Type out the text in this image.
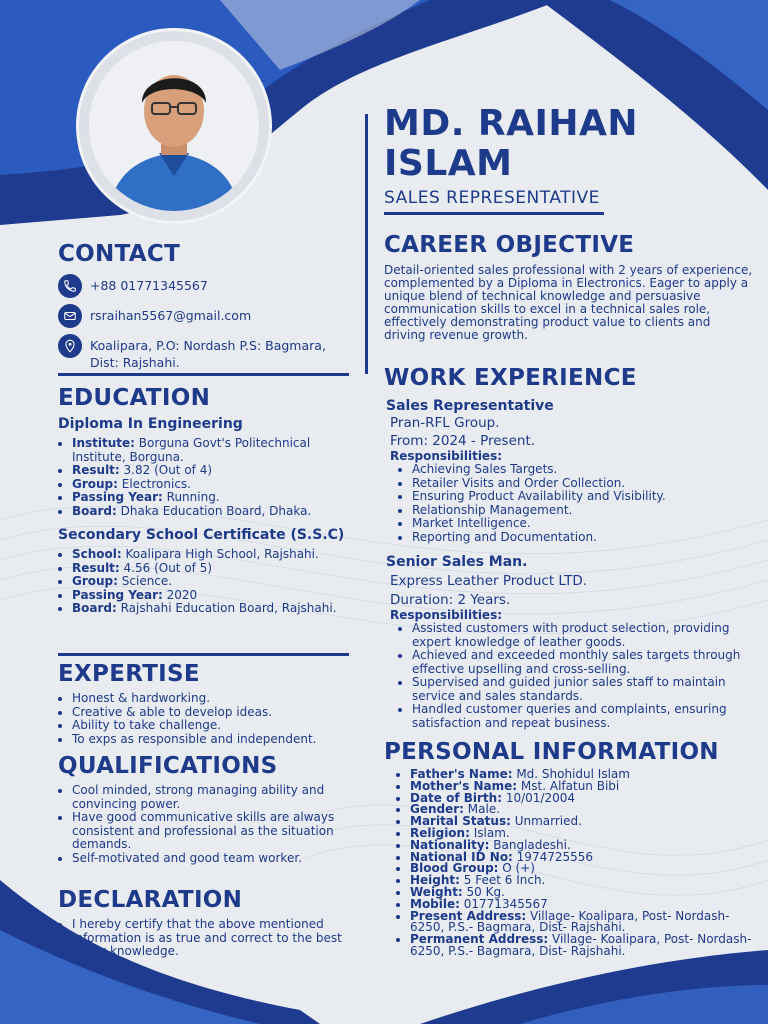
MD. RAIHAN
ISLAM
SALES REPRESENTATIVE
CONTACT
+88 01771345567
rsraihan5567@gmail.com
Koalipara, P.O: Nordash P.S: Bagmara, Dist: Rajshahi.
EDUCATION
Diploma In Engineering
• Institute: Borguna Govt's Politechnical Institute, Borguna.
• Result: 3.82 (Out of 4)
• Group: Electronics.
• Passing Year: Running.
• Board: Dhaka Education Board, Dhaka.
Secondary School Certificate (S.S.C)
• School: Koalipara High School, Rajshahi.
• Result: 4.56 (Out of 5)
• Group: Science.
• Passing Year: 2020
• Board: Rajshahi Education Board, Rajshahi.
EXPERTISE
• Honest & hardworking.
• Creative & able to develop ideas.
• Ability to take challenge.
• To exps as responsible and independent.
QUALIFICATIONS
• Cool minded, strong managing ability and convincing power.
• Have good communicative skills are always consistent and professional as the situation demands.
• Self-motivated and good team worker.
DECLARATION
• I hereby certify that the above mentioned information is as true and correct to the best of my knowledge.
CAREER OBJECTIVE

Detail-oriented sales professional with 2 years of experience, complemented by a Diploma in Electronics. Eager to apply a unique blend of technical knowledge and persuasive communication skills to excel in a technical sales role, effectively demonstrating product value to clients and driving revenue growth.

WORK EXPERIENCE

Sales Representative

Pran-RFL Group.

From: 2024 - Present.

Responsibilities:

• Achieving Sales Targets.
• Retailer Visits and Order Collection.
• Ensuring Product Availability and Visibility.
• Relationship Management.
• Market Intelligence.
• Reporting and Documentation.

Senior Sales Man.

Express Leather Product LTD.

Duration: 2 Years.

Responsibilities:

• Assisted customers with product selection, providing expert knowledge of leather goods.
• Achieved and exceeded monthly sales targets through effective upselling and cross-selling.
• Supervised and guided junior sales staff to maintain service and sales standards.
• Handled customer queries and complaints, ensuring satisfaction and repeat business.
PERSONAL INFORMATION
• Father's Name: Md. Shohidul Islam
• Mother's Name: Mst. Alfatun Bibi
• Date of Birth: 10/01/2004
• Gender: Male.
• Marital Status: Unmarried.
• Religion: Islam.
• Nationality: Bangladeshi.
• National ID No: 1974725556
• Blood Group: O (+)
• Height: 5 Feet 6 Inch.
• Weight: 50 Kg.
• Mobile: 01771345567
• Present Address: Village- Koalipara, Post- Nordash-6250, P.S.- Bagmara, Dist- Rajshahi.
• Permanent Address: Village- Koalipara, Post- Nordash-6250, P.S.- Bagmara, Dist- Rajshahi.
